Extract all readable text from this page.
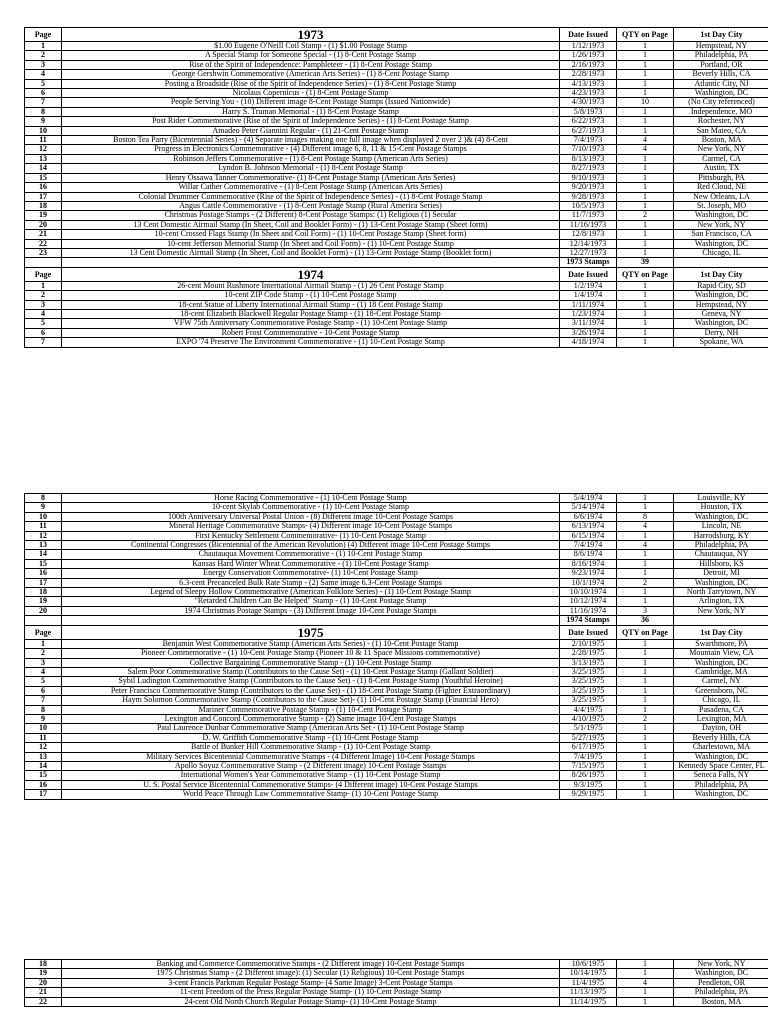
Page	1973	Date Issued	QTY on Page	1st Day City
1	$1.00 Eugene O'Neill Coil Stamp - (1) $1.00 Postage Stamp	1/12/1973	1	Hempstead, NY
2	A Special Stamp for Someone Special - (1) 8-Cent Postage Stamp	1/26/1973	1	Philadelphia, PA
3	Rise of the Spirit of Independence: Pamphleteer - (1) 8-Cent Postage Stamp	2/16/1973	1	Portland, OR
4	George Gershwin Commemorative (American Arts Series) - (1) 8-Cent Postage Stamp	2/28/1973	1	Beverly Hills, CA
5	Posting a Broadside (Rise of the Spirit of Independence Series) - (1) 8-Cent Postage Stamp	4/13/1973	1	Atlantic City, NJ
6	Nicolaus Copernicus - (1) 8-Cent Postage Stamp	4/23/1973	1	Washington, DC
7	People Serving You - (10) Different image 8-Cent Postage Stamps (Issued Nationwide)	4/30/1973	10	(No City referenced)
8	Harry S. Truman Memorial - (1) 8-Cent Postage Stamp	5/8/1973	1	Independence, MO
9	Post Rider Commemorative (Rise of the Spirit of Independence Series) - (1) 8-Cent Postage Stamp	6/22/1973	1	Rochester, NY
10	Amadeo Peter Giannini Regular - (1) 21-Cent Postage Stamp	6/27/1973	1	San Mateo, CA
11	Boston Tea Party (Bicentennial Series) - (4) Separate images making one full image when displayed 2 over 2 )& (4) 8-Cent	7/4/1973	4	Boston, MA
12	Progress in Electronics Commemorative - (4) Different image 6, 8, 11 & 15-Cent Postage Stamps	7/10/1973	4	New York, NY
13	Robinson Jeffers Commemorative - (1) 8-Cent Postage Stamp (American Arts Series)	8/13/1973	1	Carmel, CA
14	Lyndon B. Johnson Memorial - (1) 8-Cent Postage Stamp	8/27/1973	1	Austin, TX
15	Henry Ossawa Tanner Commemorative- (1) 8-Cent Postage Stamp (American Arts Series)	9/10/1973	1	Pittsburgh, PA
16	Willar Cather Commemorative - (1) 8-Cent Postage Stamp (American Arts Series)	9/20/1973	1	Red Cloud, NE
17	Colonial Drummer Commemorative (Rise of the Spirit of Independence Series) - (1) 8-Cent Postage Stamp	9/28/1973	1	New Orleans, LA
18	Angus Cattle Commemorative - (1) 8-Cent Postage Stamp (Rural America Series)	10/5/1973	1	St. Joseph, MO
19	Christmas Postage Stamps - (2 Different) 8-Cent Postage Stamps: (1) Religious (1) Secular	11/7/1973	2	Washington, DC
20	13 Cent Domestic Airmail Stamp (In Sheet, Coil and Booklet Form) - (1) 13-Cent Postage Stamp (Sheet form)	11/16/1973	1	New York, NY
21	10-cent Crossed Flags Stamp (In Sheet and Coil Form) - (1) 10-Cent Postage Stamp (Sheet form)	12/8/1973	1	San Francisco, CA
22	10-cent Jefferson Memorial Stamp (In Sheet and Coil Form) - (1) 10-Cent Postage Stamp	12/14/1973	1	Washington, DC
23	13 Cent Domestic Airmail Stamp (In Sheet, Coil and Booklet Form) - (1) 13-Cent Postage Stamp (Booklet form)	12/27/1973	1	Chicago, IL
		1973 Stamps	39	
Page	1974	Date Issued	QTY on Page	1st Day City
1	26-cent Mount Rushmore International Airmail Stamp - (1) 26 Cent Postage Stamp	1/2/1974	1	Rapid City, SD
2	10-cent ZIP Code Stamp - (1) 10-Cent Postage Stamp	1/4/1974	1	Washington, DC
3	18-cent Statue of Liberty International Airmail Stamp - (1) 18 Cent Postage Stamp	1/11/1974	1	Hempstead, NY
4	18-cent Elizabeth Blackwell Regular Postage Stamp - (1) 18-Cent Postage Stamp	1/23/1974	1	Geneva, NY
5	VFW 75th Anniversary Commemorative Postage Stamp - (1) 10-Cent Postage Stamp	3/11/1974	1	Washington, DC
6	Robert Frost Commemorative - 10-Cent Postage Stamp	3/26/1974	1	Derry, NH
7	EXPO '74 Preserve The Environment Commemorative - (1) 10-Cent Postage Stamp	4/18/1974	1	Spokane, WA
8	Horse Racing Commemorative - (1) 10-Cent Postage Stamp	5/4/1974	1	Louisville, KY
9	10-cent Skylab Commemorative - (1) 10-Cent Postage Stamp	5/14/1974	1	Houston, TX
10	100th Anniversary Universal Postal Union - (8) Different image 10-Cent Postage Stamps	6/6/1974	8	Washington, DC
11	Mineral Heritage Commemorative Stamps- (4) Different image 10-Cent Postage Stamps	6/13/1974	4	Lincoln, NE
12	First Kentucky Settlement Commemorative- (1) 10-Cent Postage Stamp	6/15/1974	1	Harrodsburg, KY
13	Continental Congresses (Bicentennial of the American Revolution) (4) Different image 10-Cent Postage Stamps	7/4/1974	4	Philadelphia, PA
14	Chautauqua Movement Commemorative - (1) 10-Cent Postage Stamp	8/6/1974	1	Chautauqua, NY
15	Kansas Hard Winter Wheat Commemorative - (1) 10-Cent Postage Stamp	8/16/1974	1	Hillsboro, KS
16	Energy Conservation Commemorative- (1) 10-Cent Postage Stamp	9/23/1974	1	Detroit, MI
17	6.3-cent Precanceled Bulk Rate Stamp - (2) Same image 6.3-Cent Postage Stamps	10/1/1974	2	Washington, DC
18	Legend of Sleepy Hollow Commemorative (American Folklore Series) - (1) 10-Cent Postage Stamp	10/10/1974	1	North Tarrytown, NY
19	"Retarded Children Can Be Helped" Stamp - (1) 10-Cent Postage Stamp	10/12/1974	1	Arlington, TX
20	1974 Christmas Postage Stamps - (3) Different Image 10-Cent Postage Stamps	11/16/1974	3	New York, NY
		1974 Stamps	36	
Page	1975	Date Issued	QTY on Page	1st Day City
1	Benjamin West Commemorative Stamp (American Arts Series) - (1) 10-Cent Postage Stamp	2/10/1975	1	Swarthmore, PA
2	Pioneer Commemorative - (1) 10-Cent Postage Stamp (Pioneer 10 & 11 Space Missions commemorative)	2/28/1975	1	Mountain View, CA
3	Collective Bargaining Commemorative Stamp - (1) 10-Cent Postage Stamp	3/13/1975	1	Washington, DC
4	Salem Poor Commemorative Stamp (Contributors to the Cause Set) - (1) 10-Cent Postage Stamp (Gallant Soldier)	3/25/1975	1	Cambridge, MA
5	Sybil Ludington Commemorative Stamp (Contributors to the Cause Set) - (1) 8-Cent Postage Stamp (Youthful Heroine)	3/25/1975	1	Carmel, NY
6	Peter Francisco Commemorative Stamp (Contributors to the Cause Set) - (1) 18-Cent Postage Stamp (Fighter Extraordinary)	3/25/1975	1	Greensboro, NC
7	Haym Solomon Commemorative Stamp (Contributors to the Cause Set)- (1) 10-Cent Postage Stamp (Financial Hero)	3/25/1975	1	Chicago, IL
8	Mariner Commemorative Postage Stamp - (1) 10-Cent Postage Stamp	4/4/1975	1	Pasadena, CA
9	Lexington and Concord Commemorative Stamp - (2) Same image 10-Cent Postage Stamps	4/10/1975	2	Lexington, MA
10	Paul Laurence Dunbar Commemorative Stamp (American Arts Set - (1) 10-Cent Postage Stamp	5/1/1975	1	Dayton, OH
11	D. W. Griffith Commemorative Stamp - (1) 10-Cent Postage Stamp	5/27/1975	1	Beverly Hills, CA
12	Battle of Bunker Hill Commemorative Stamp - (1) 10-Cent Postage Stamp	6/17/1975	1	Charlestown, MA
13	Military Services Bicentennial Commemorative Stamps - (4 Different Image) 10-Cent Postage Stamps	7/4/1975	1	Washington, DC
14	Apollo Soyuz Commemorative Stamp - (2 Different image) 10-Cent Postage Stamps	7/15/1975	1	Kennedy Space Center, FL
15	International Women's Year Commemorative Stamp - (1) 10-Cent Postage Stamp	8/26/1975	1	Seneca Falls, NY
16	U. S. Postal Service Bicentennial Commemorative Stamps- (4 Different image) 10-Cent Postage Stamps	9/3/1975	1	Philadelphia, PA
17	World Peace Through Law Commemorative Stamp- (1) 10-Cent Postage Stamp	9/29/1975	1	Washington, DC
18	Banking and Commerce Commemorative Stamps - (2 Different image) 10-Cent Postage Stamps	10/6/1975	1	New York, NY
19	1975 Christmas Stamp - (2 Different image): (1) Secular (1) Religious) 10-Cent Postage Stamps	10/14/1975	1	Washington, DC
20	3-cent Francis Parkman Regular Postage Stamp- (4 Same Image) 3-Cent Postage Stamps	11/4/1975	4	Pendleton, OR
21	11-cent Freedom of the Press Regular Postage Stamp- (1) 10-Cent Postage Stamp	11/13/1975	1	Philadelphia, PA
22	24-cent Old North Church Regular Postage Stamp- (1) 10-Cent Postage Stamp	11/14/1975	1	Boston, MA
